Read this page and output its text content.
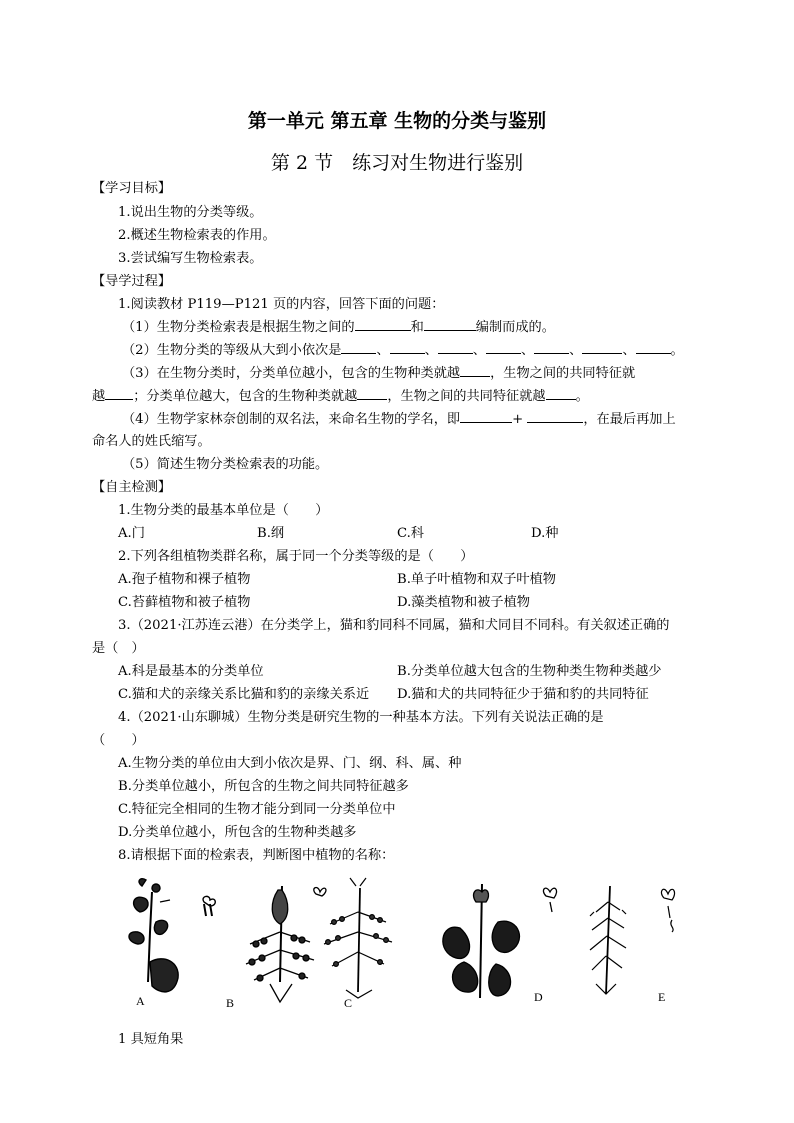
第一单元 第五章 生物的分类与鉴别
第 2 节　练习对生物进行鉴别
【学习目标】
1.说出生物的分类等级。
2.概述生物检索表的作用。
3.尝试编写生物检索表。
【导学过程】
1.阅读教材 P119—P121 页的内容，回答下面的问题：
（1）生物分类检索表是根据生物之间的	和	编制而成的。
（2）生物分类的等级从大到小依次是	、	、	、	、	、	、	。
（3）在生物分类时，分类单位越小，包含的生物种类就越 ，生物之间的共同特征就
越 ；分类单位越大，包含的生物种类就越 ，生物之间的共同特征就越 。
（4）生物学家林奈创制的双名法，来命名生物的学名，即	+	，在最后再加上
命名人的姓氏缩写。
（5）简述生物分类检索表的功能。
【自主检测】
1.生物分类的最基本单位是（　　）
A.门	B.纲	C.科	D.种
2.下列各组植物类群名称，属于同一个分类等级的是（　　）
A.孢子植物和裸子植物	B.单子叶植物和双子叶植物
C.苔藓植物和被子植物	D.藻类植物和被子植物
3.（2021·江苏连云港）在分类学上，猫和豹同科不同属，猫和犬同目不同科。有关叙述正确的
是（　）
A.科是最基本的分类单位	B.分类单位越大包含的生物种类生物种类越少
C.猫和犬的亲缘关系比猫和豹的亲缘关系近 D.猫和犬的共同特征少于猫和豹的共同特征
4.（2021·山东聊城）生物分类是研究生物的一种基本方法。下列有关说法正确的是
（　　）
A.生物分类的单位由大到小依次是界、门、纲、科、属、种
B.分类单位越小，所包含的生物之间共同特征越多
C.特征完全相同的生物才能分到同一分类单位中
D.分类单位越小，所包含的生物种类越多
8.请根据下面的检索表，判断图中植物的名称：
A	B	C	D	E
1 具短角果
